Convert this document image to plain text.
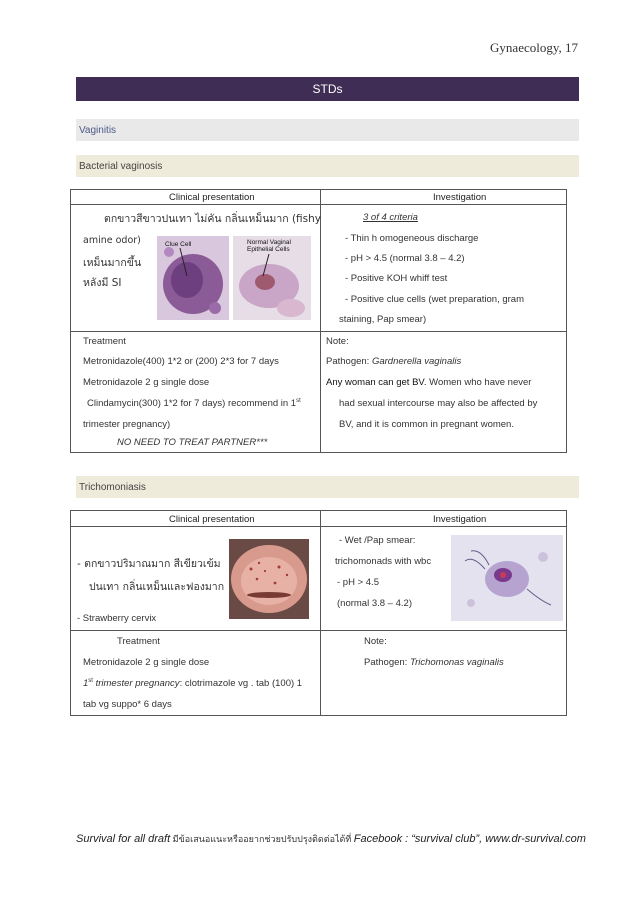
Gynaecology, 17
STDs
Vaginitis
Bacterial vaginosis
Clinical presentation	Investigation
ตกขาวสีขาวปนเทา ไม่คัน กลิ่นเหม็นมาก (fishy
amine odor)
เหม็นมากขึ้น
หลังมี SI
Clue Cell	Normal Vaginal
Epithelial Cells
3 of 4 criteria
- Thin h omogeneous discharge
- pH > 4.5 (normal 3.8 – 4.2)
- Positive KOH whiff test
- Positive clue cells (wet preparation, gram
staining, Pap smear)
Treatment
Metronidazole(400) 1*2 or (200) 2*3 for 7 days
Metronidazole 2 g single dose
Clindamycin(300) 1*2 for 7 days) recommend in 1st
trimester pregnancy)
NO NEED TO TREAT PARTNER***
Note:
Pathogen: Gardnerella vaginalis
Any woman can get BV. Women who have never
had sexual intercourse may also be affected by
BV, and it is common in pregnant women.
Trichomoniasis
Clinical presentation	Investigation
- ตกขาวปริมาณมาก สีเขียวเข้ม
ปนเทา กลิ่นเหม็นและฟองมาก
- Strawberry cervix
- Wet /Pap smear:
trichomonads with wbc
- pH > 4.5
(normal 3.8 – 4.2)
Treatment
Metronidazole 2 g single dose
1st trimester pregnancy: clotrimazole vg . tab (100) 1
tab vg suppo* 6 days
Note:
Pathogen: Trichomonas vaginalis
Survival for all draft มีข้อเสนอแนะหรืออยากช่วยปรับปรุงติดต่อได้ที่ Facebook : “survival club”, www.dr-survival.com
